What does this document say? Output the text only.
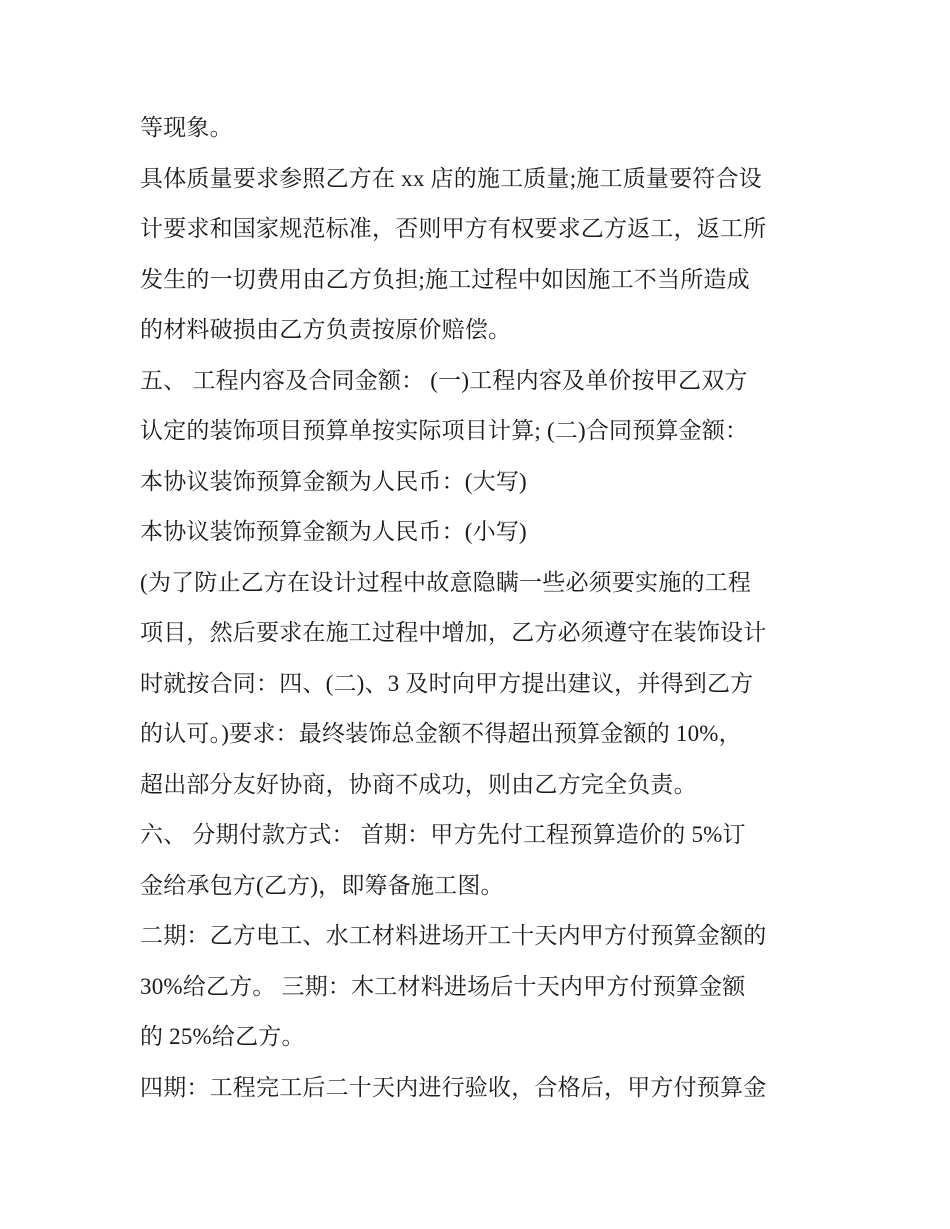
等现象。
具体质量要求参照乙方在 xx 店的施工质量;施工质量要符合设
计要求和国家规范标准，否则甲方有权要求乙方返工，返工所
发生的一切费用由乙方负担;施工过程中如因施工不当所造成
的材料破损由乙方负责按原价赔偿。
五、 工程内容及合同金额： (一)工程内容及单价按甲乙双方
认定的装饰项目预算单按实际项目计算; (二)合同预算金额：
本协议装饰预算金额为人民币：(大写)
本协议装饰预算金额为人民币：(小写)
(为了防止乙方在设计过程中故意隐瞒一些必须要实施的工程
项目，然后要求在施工过程中增加，乙方必须遵守在装饰设计
时就按合同：四、(二)、3 及时向甲方提出建议，并得到乙方
的认可。)要求：最终装饰总金额不得超出预算金额的 10%，
超出部分友好协商，协商不成功，则由乙方完全负责。
六、 分期付款方式： 首期：甲方先付工程预算造价的 5%订
金给承包方(乙方)，即筹备施工图。
二期：乙方电工、水工材料进场开工十天内甲方付预算金额的
30%给乙方。 三期：木工材料进场后十天内甲方付预算金额
的 25%给乙方。
四期：工程完工后二十天内进行验收，合格后，甲方付预算金
